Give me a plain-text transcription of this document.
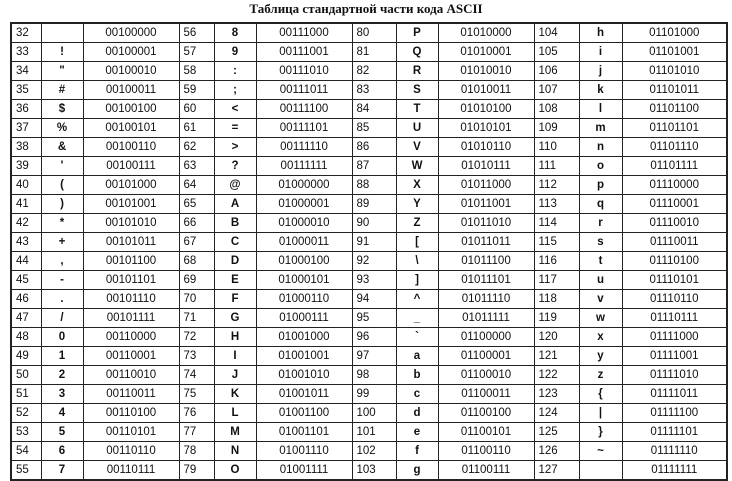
Таблица стандартной части кода ASCII
32		00100000	56	8	00111000	80	P	01010000	104	h	01101000
33	!	00100001	57	9	00111001	81	Q	01010001	105	i	01101001
34	"	00100010	58	:	00111010	82	R	01010010	106	j	01101010
35	#	00100011	59	;	00111011	83	S	01010011	107	k	01101011
36	$	00100100	60	<	00111100	84	T	01010100	108	l	01101100
37	%	00100101	61	=	00111101	85	U	01010101	109	m	01101101
38	&	00100110	62	>	00111110	86	V	01010110	110	n	01101110
39	'	00100111	63	?	00111111	87	W	01010111	111	o	01101111
40	(	00101000	64	@	01000000	88	X	01011000	112	p	01110000
41	)	00101001	65	A	01000001	89	Y	01011001	113	q	01110001
42	*	00101010	66	B	01000010	90	Z	01011010	114	r	01110010
43	+	00101011	67	C	01000011	91	[	01011011	115	s	01110011
44	,	00101100	68	D	01000100	92	\	01011100	116	t	01110100
45	-	00101101	69	E	01000101	93	]	01011101	117	u	01110101
46	.	00101110	70	F	01000110	94	^	01011110	118	v	01110110
47	/	00101111	71	G	01000111	95	_	01011111	119	w	01110111
48	0	00110000	72	H	01001000	96	`	01100000	120	x	01111000
49	1	00110001	73	I	01001001	97	a	01100001	121	y	01111001
50	2	00110010	74	J	01001010	98	b	01100010	122	z	01111010
51	3	00110011	75	K	01001011	99	c	01100011	123	{	01111011
52	4	00110100	76	L	01001100	100	d	01100100	124	|	01111100
53	5	00110101	77	M	01001101	101	e	01100101	125	}	01111101
54	6	00110110	78	N	01001110	102	f	01100110	126	~	01111110
55	7	00110111	79	O	01001111	103	g	01100111	127		01111111
